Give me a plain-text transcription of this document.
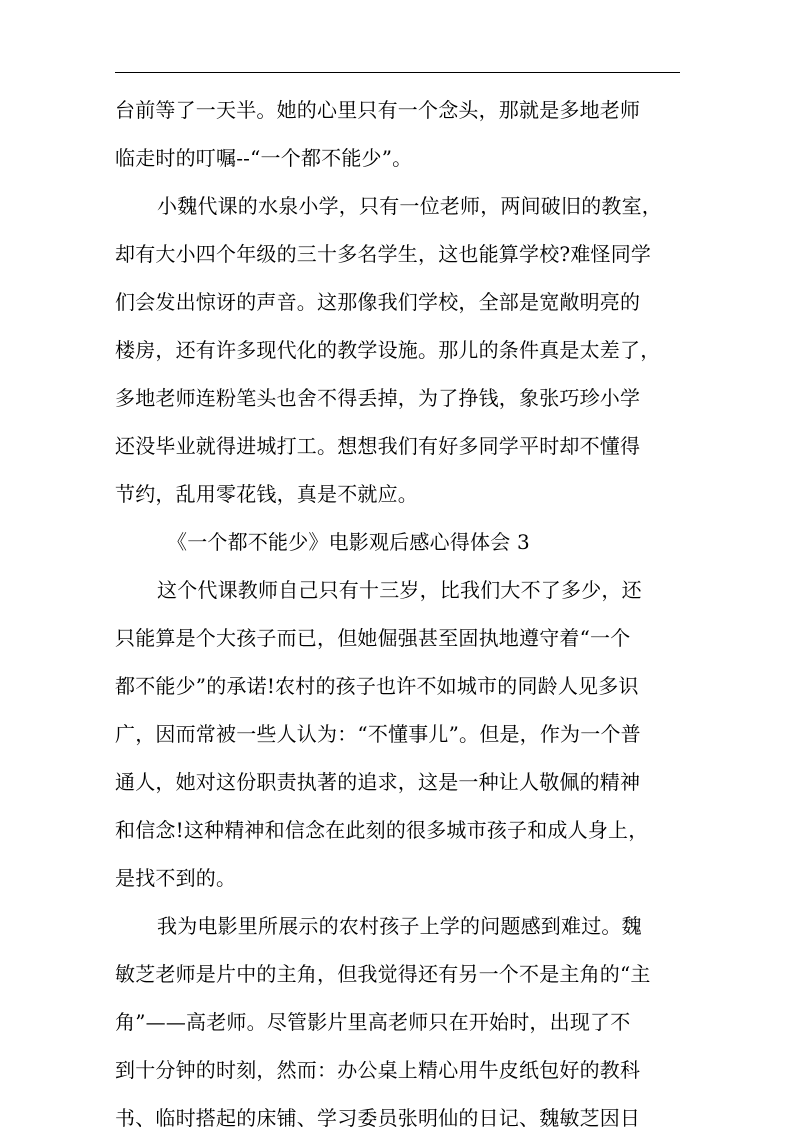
台前等了一天半。她的心里只有一个念头，那就是多地老师
临走时的叮嘱--“一个都不能少”。
小魏代课的水泉小学，只有一位老师，两间破旧的教室，
却有大小四个年级的三十多名学生，这也能算学校?难怪同学
们会发出惊讶的声音。这那像我们学校，全部是宽敞明亮的
楼房，还有许多现代化的教学设施。那儿的条件真是太差了，
多地老师连粉笔头也舍不得丢掉，为了挣钱，象张巧珍小学
还没毕业就得进城打工。想想我们有好多同学平时却不懂得
节约，乱用零花钱，真是不就应。
《一个都不能少》电影观后感心得体会 3
这个代课教师自己只有十三岁，比我们大不了多少，还
只能算是个大孩子而已，但她倔强甚至固执地遵守着“一个
都不能少”的承诺!农村的孩子也许不如城市的同龄人见多识
广，因而常被一些人认为：“不懂事儿”。但是，作为一个普
通人，她对这份职责执著的追求，这是一种让人敬佩的精神
和信念!这种精神和信念在此刻的很多城市孩子和成人身上，
是找不到的。
我为电影里所展示的农村孩子上学的问题感到难过。魏
敏芝老师是片中的主角，但我觉得还有另一个不是主角的“主
角”——高老师。尽管影片里高老师只在开始时，出现了不
到十分钟的时刻，然而：办公桌上精心用牛皮纸包好的教科
书、临时搭起的床铺、学习委员张明仙的日记、魏敏芝因日
